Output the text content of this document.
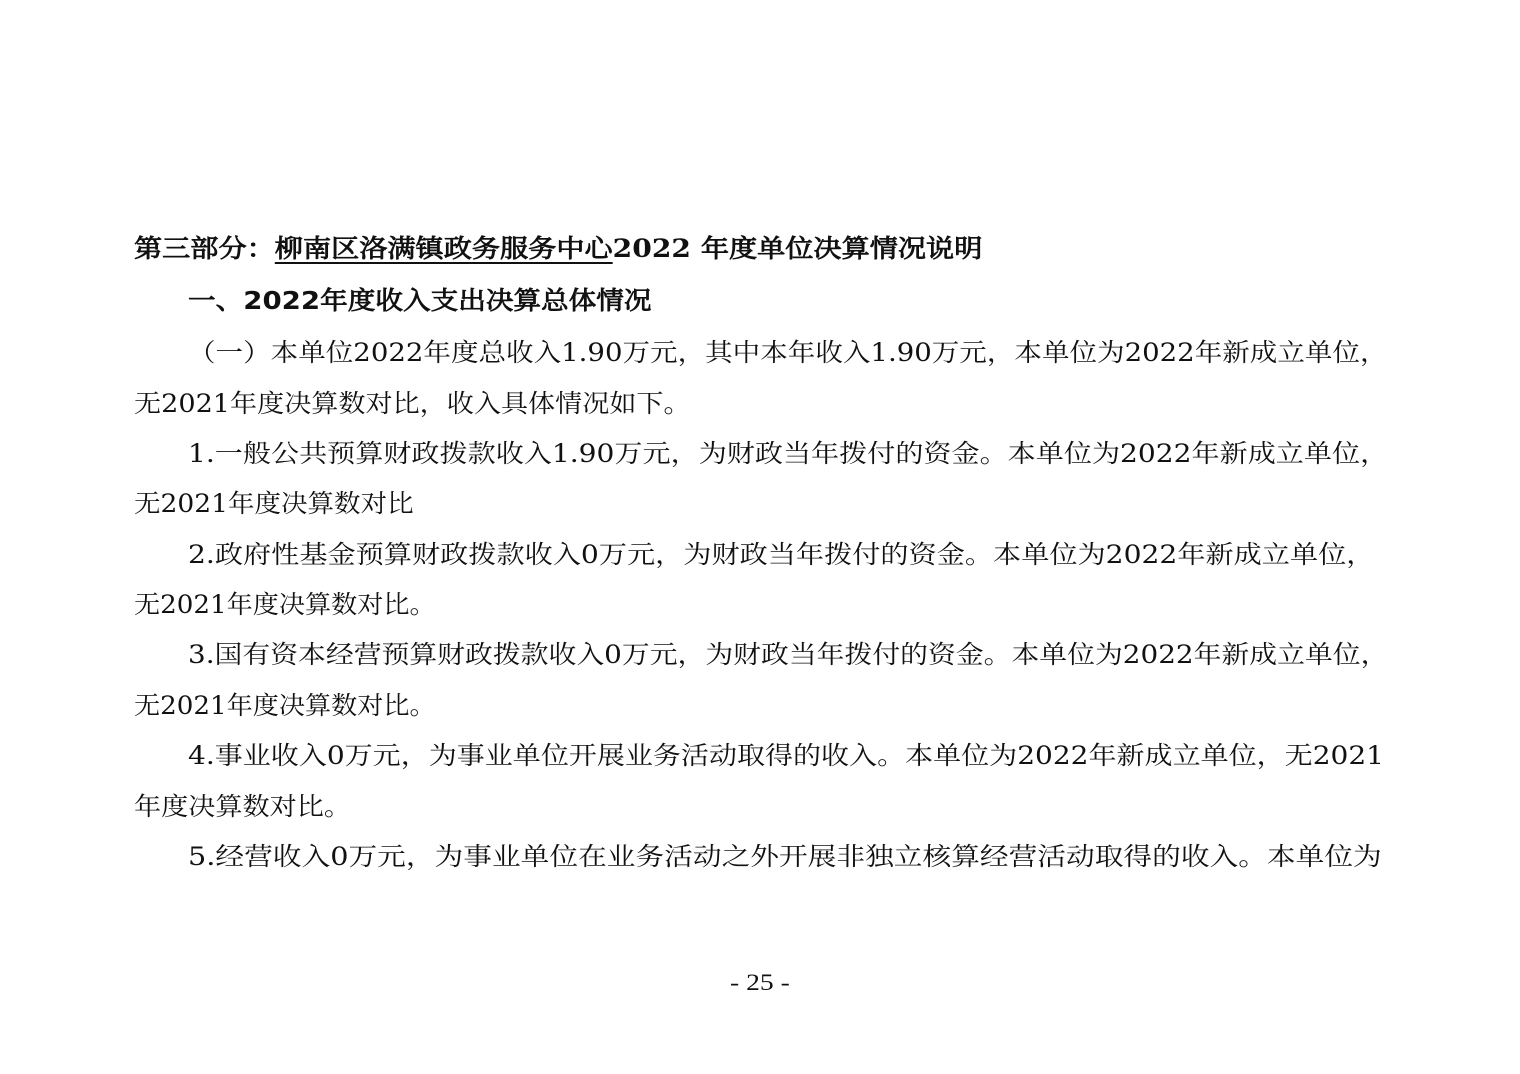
第三部分：柳南区洛满镇政务服务中心2022 年度单位决算情况说明
一、2022年度收入支出决算总体情况
（一）本单位2022年度总收入1.90万元，其中本年收入1.90万元，本单位为2022年新成立单位，
无2021年度决算数对比，收入具体情况如下。
1.一般公共预算财政拨款收入1.90万元，为财政当年拨付的资金。本单位为2022年新成立单位，
无2021年度决算数对比
2.政府性基金预算财政拨款收入0万元，为财政当年拨付的资金。本单位为2022年新成立单位，
无2021年度决算数对比。
3.国有资本经营预算财政拨款收入0万元，为财政当年拨付的资金。本单位为2022年新成立单位，
无2021年度决算数对比。
4.事业收入0万元，为事业单位开展业务活动取得的收入。本单位为2022年新成立单位，无2021
年度决算数对比。
5.经营收入0万元，为事业单位在业务活动之外开展非独立核算经营活动取得的收入。本单位为
- 25 -
